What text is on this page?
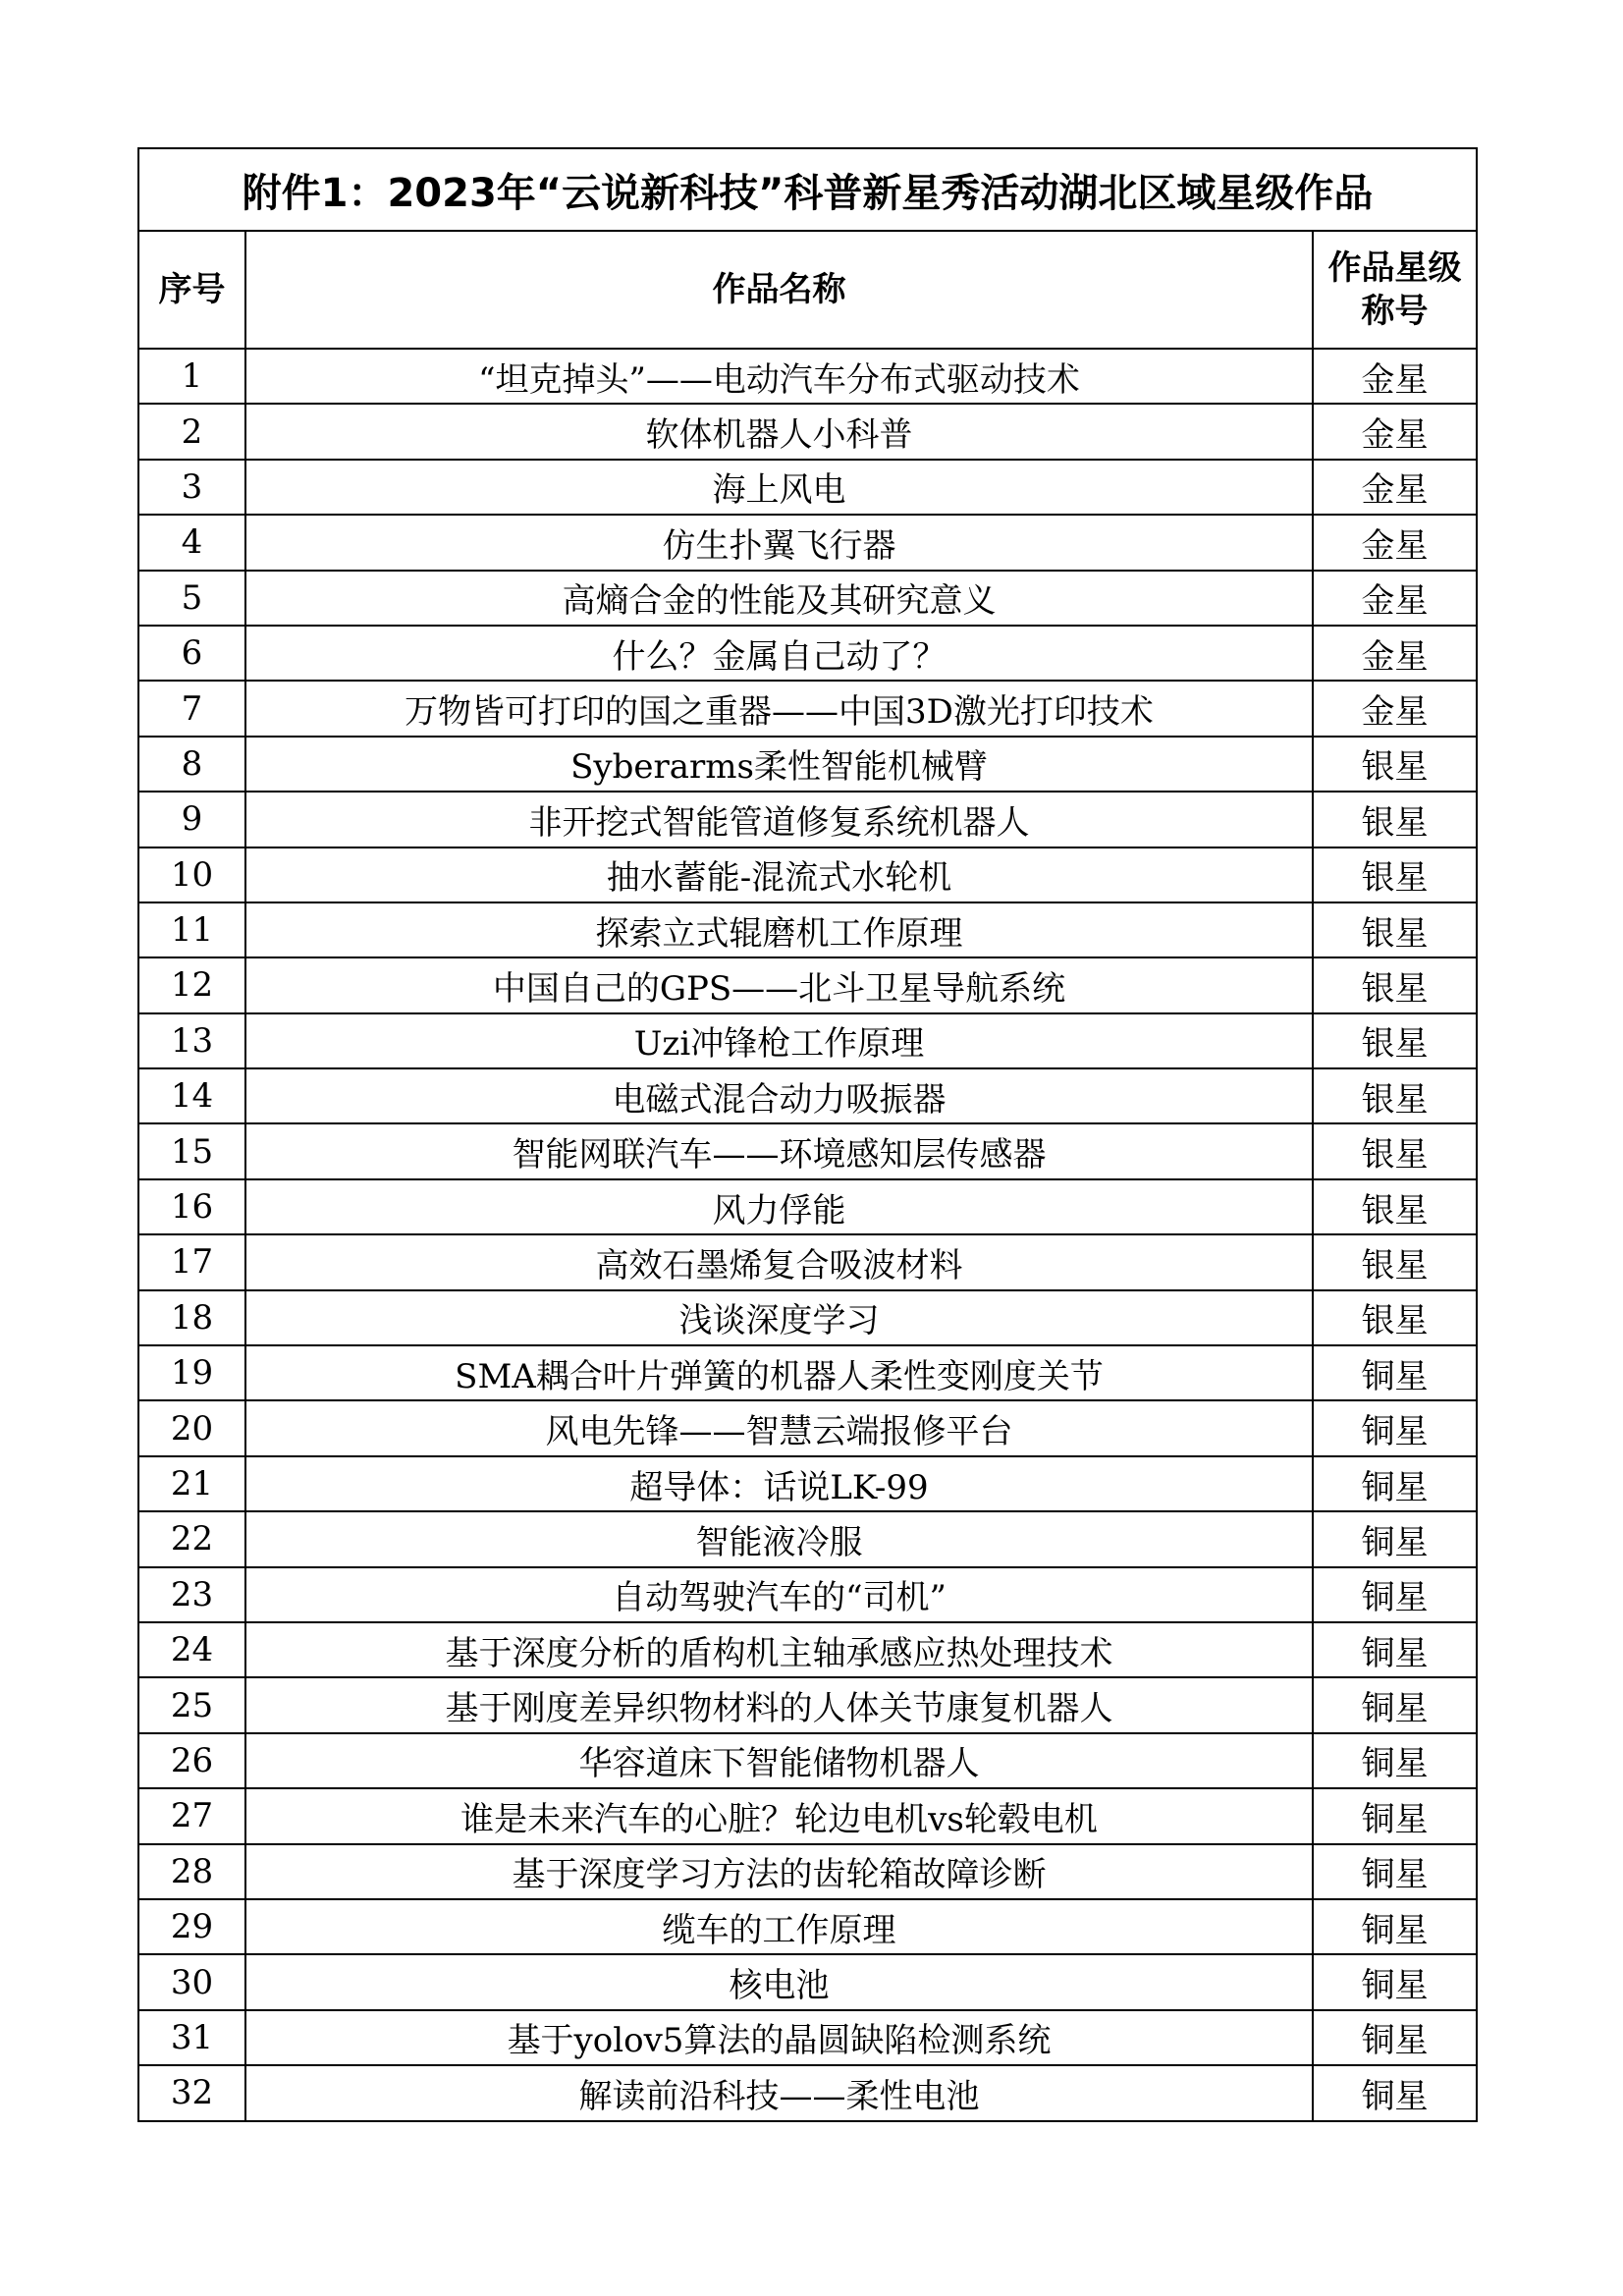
附件1：2023年“云说新科技”科普新星秀活动湖北区域星级作品		
序号	作品名称	作品星级称号
1	“坦克掉头”——电动汽车分布式驱动技术	金星
2	软体机器人小科普	金星
3	海上风电	金星
4	仿生扑翼飞行器	金星
5	高熵合金的性能及其研究意义	金星
6	什么？金属自己动了？	金星
7	万物皆可打印的国之重器——中国3D激光打印技术	金星
8	Syberarms柔性智能机械臂	银星
9	非开挖式智能管道修复系统机器人	银星
10	抽水蓄能-混流式水轮机	银星
11	探索立式辊磨机工作原理	银星
12	中国自己的GPS——北斗卫星导航系统	银星
13	Uzi冲锋枪工作原理	银星
14	电磁式混合动力吸振器	银星
15	智能网联汽车——环境感知层传感器	银星
16	风力俘能	银星
17	高效石墨烯复合吸波材料	银星
18	浅谈深度学习	银星
19	SMA耦合叶片弹簧的机器人柔性变刚度关节	铜星
20	风电先锋——智慧云端报修平台	铜星
21	超导体：话说LK-99	铜星
22	智能液冷服	铜星
23	自动驾驶汽车的“司机”	铜星
24	基于深度分析的盾构机主轴承感应热处理技术	铜星
25	基于刚度差异织物材料的人体关节康复机器人	铜星
26	华容道床下智能储物机器人	铜星
27	谁是未来汽车的心脏？轮边电机vs轮毂电机	铜星
28	基于深度学习方法的齿轮箱故障诊断	铜星
29	缆车的工作原理	铜星
30	核电池	铜星
31	基于yolov5算法的晶圆缺陷检测系统	铜星
32	解读前沿科技——柔性电池	铜星
